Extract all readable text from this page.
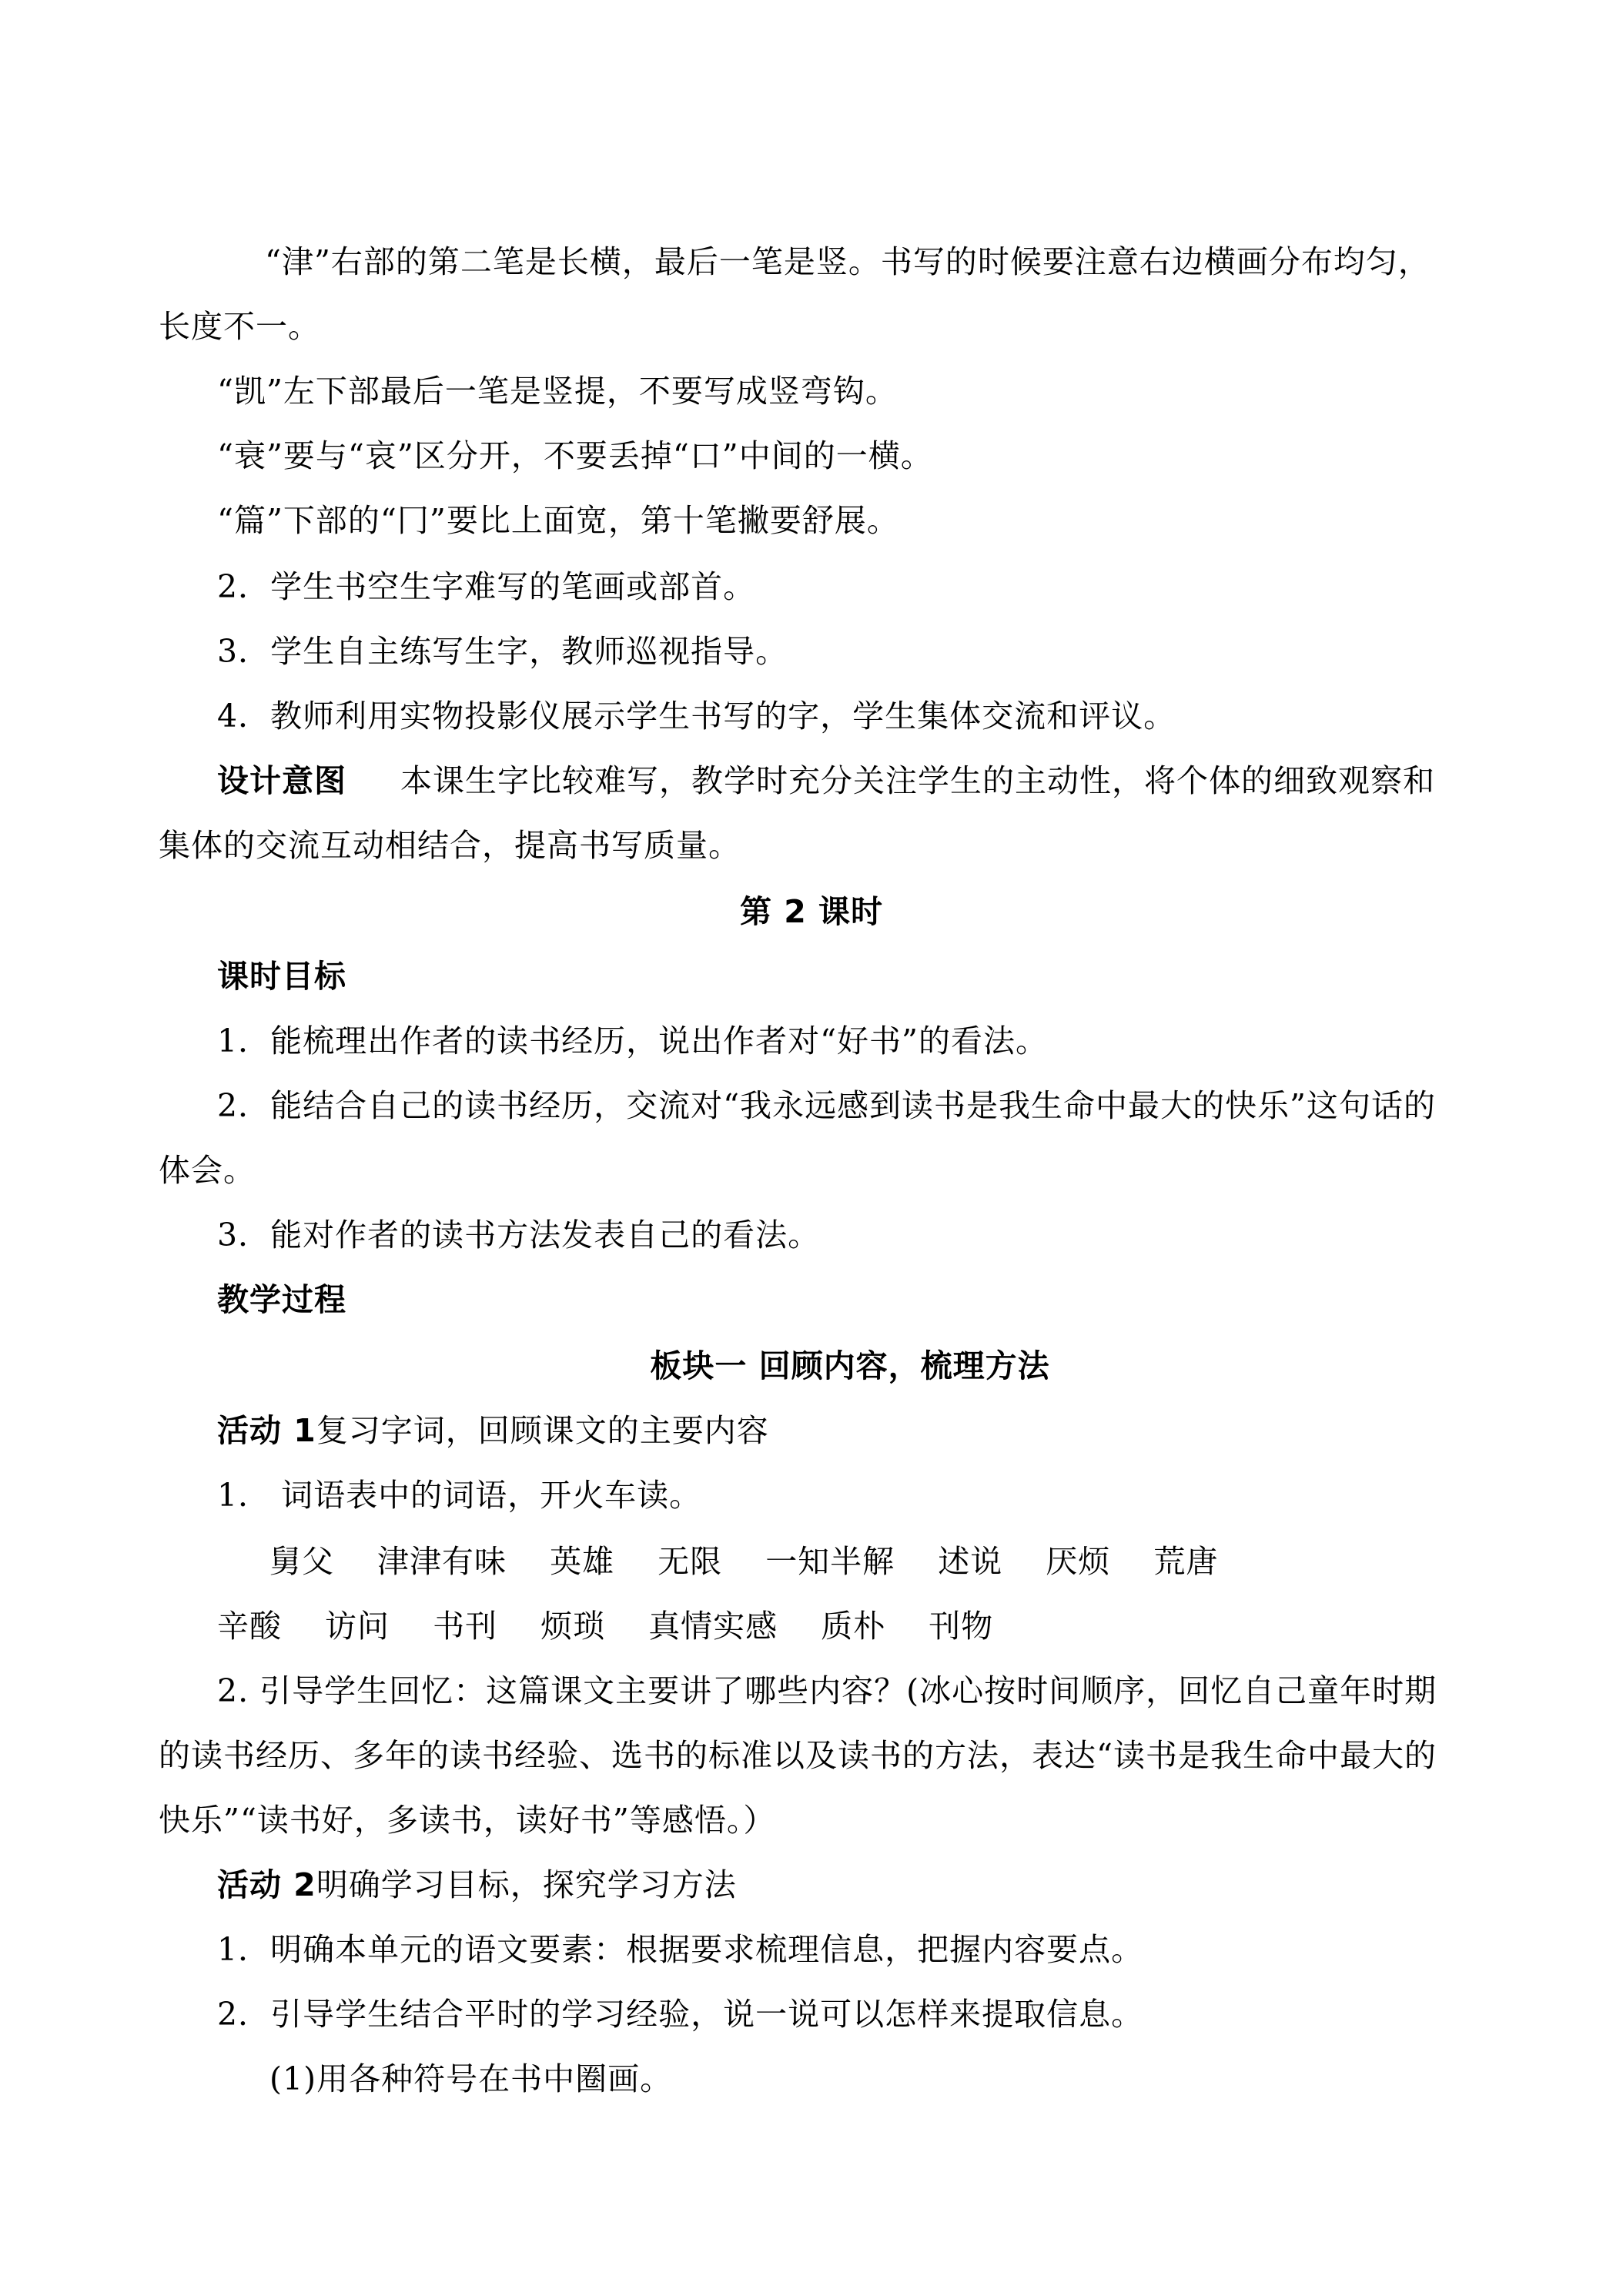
“津”右部的第二笔是长横，最后一笔是竖。书写的时候要注意右边横画分布均匀，
长度不一。
“凯”左下部最后一笔是竖提，不要写成竖弯钩。
“衰”要与“哀”区分开，不要丢掉“口”中间的一横。
“篇”下部的“冂”要比上面宽，第十笔撇要舒展。
2．学生书空生字难写的笔画或部首。
3．学生自主练写生字，教师巡视指导。
4．教师利用实物投影仪展示学生书写的字，学生集体交流和评议。
设计意图 本课生字比较难写，教学时充分关注学生的主动性，将个体的细致观察和
集体的交流互动相结合，提高书写质量。
第 2 课时
课时目标
1．能梳理出作者的读书经历，说出作者对“好书”的看法。
2．能结合自己的读书经历，交流对“我永远感到读书是我生命中最大的快乐”这句话的
体会。
3．能对作者的读书方法发表自己的看法。
教学过程
板块一 回顾内容，梳理方法
活动 1复习字词，回顾课文的主要内容
1． 词语表中的词语，开火车读。
舅父 津津有味 英雄 无限 一知半解 述说 厌烦 荒唐
辛酸 访问 书刊 烦琐 真情实感 质朴 刊物
2. 引导学生回忆：这篇课文主要讲了哪些内容？(冰心按时间顺序，回忆自己童年时期
的读书经历、多年的读书经验、选书的标准以及读书的方法，表达“读书是我生命中最大的
快乐”“读书好，多读书，读好书”等感悟。）
活动 2明确学习目标，探究学习方法
1．明确本单元的语文要素：根据要求梳理信息，把握内容要点。
2．引导学生结合平时的学习经验，说一说可以怎样来提取信息。
(1)用各种符号在书中圈画。
